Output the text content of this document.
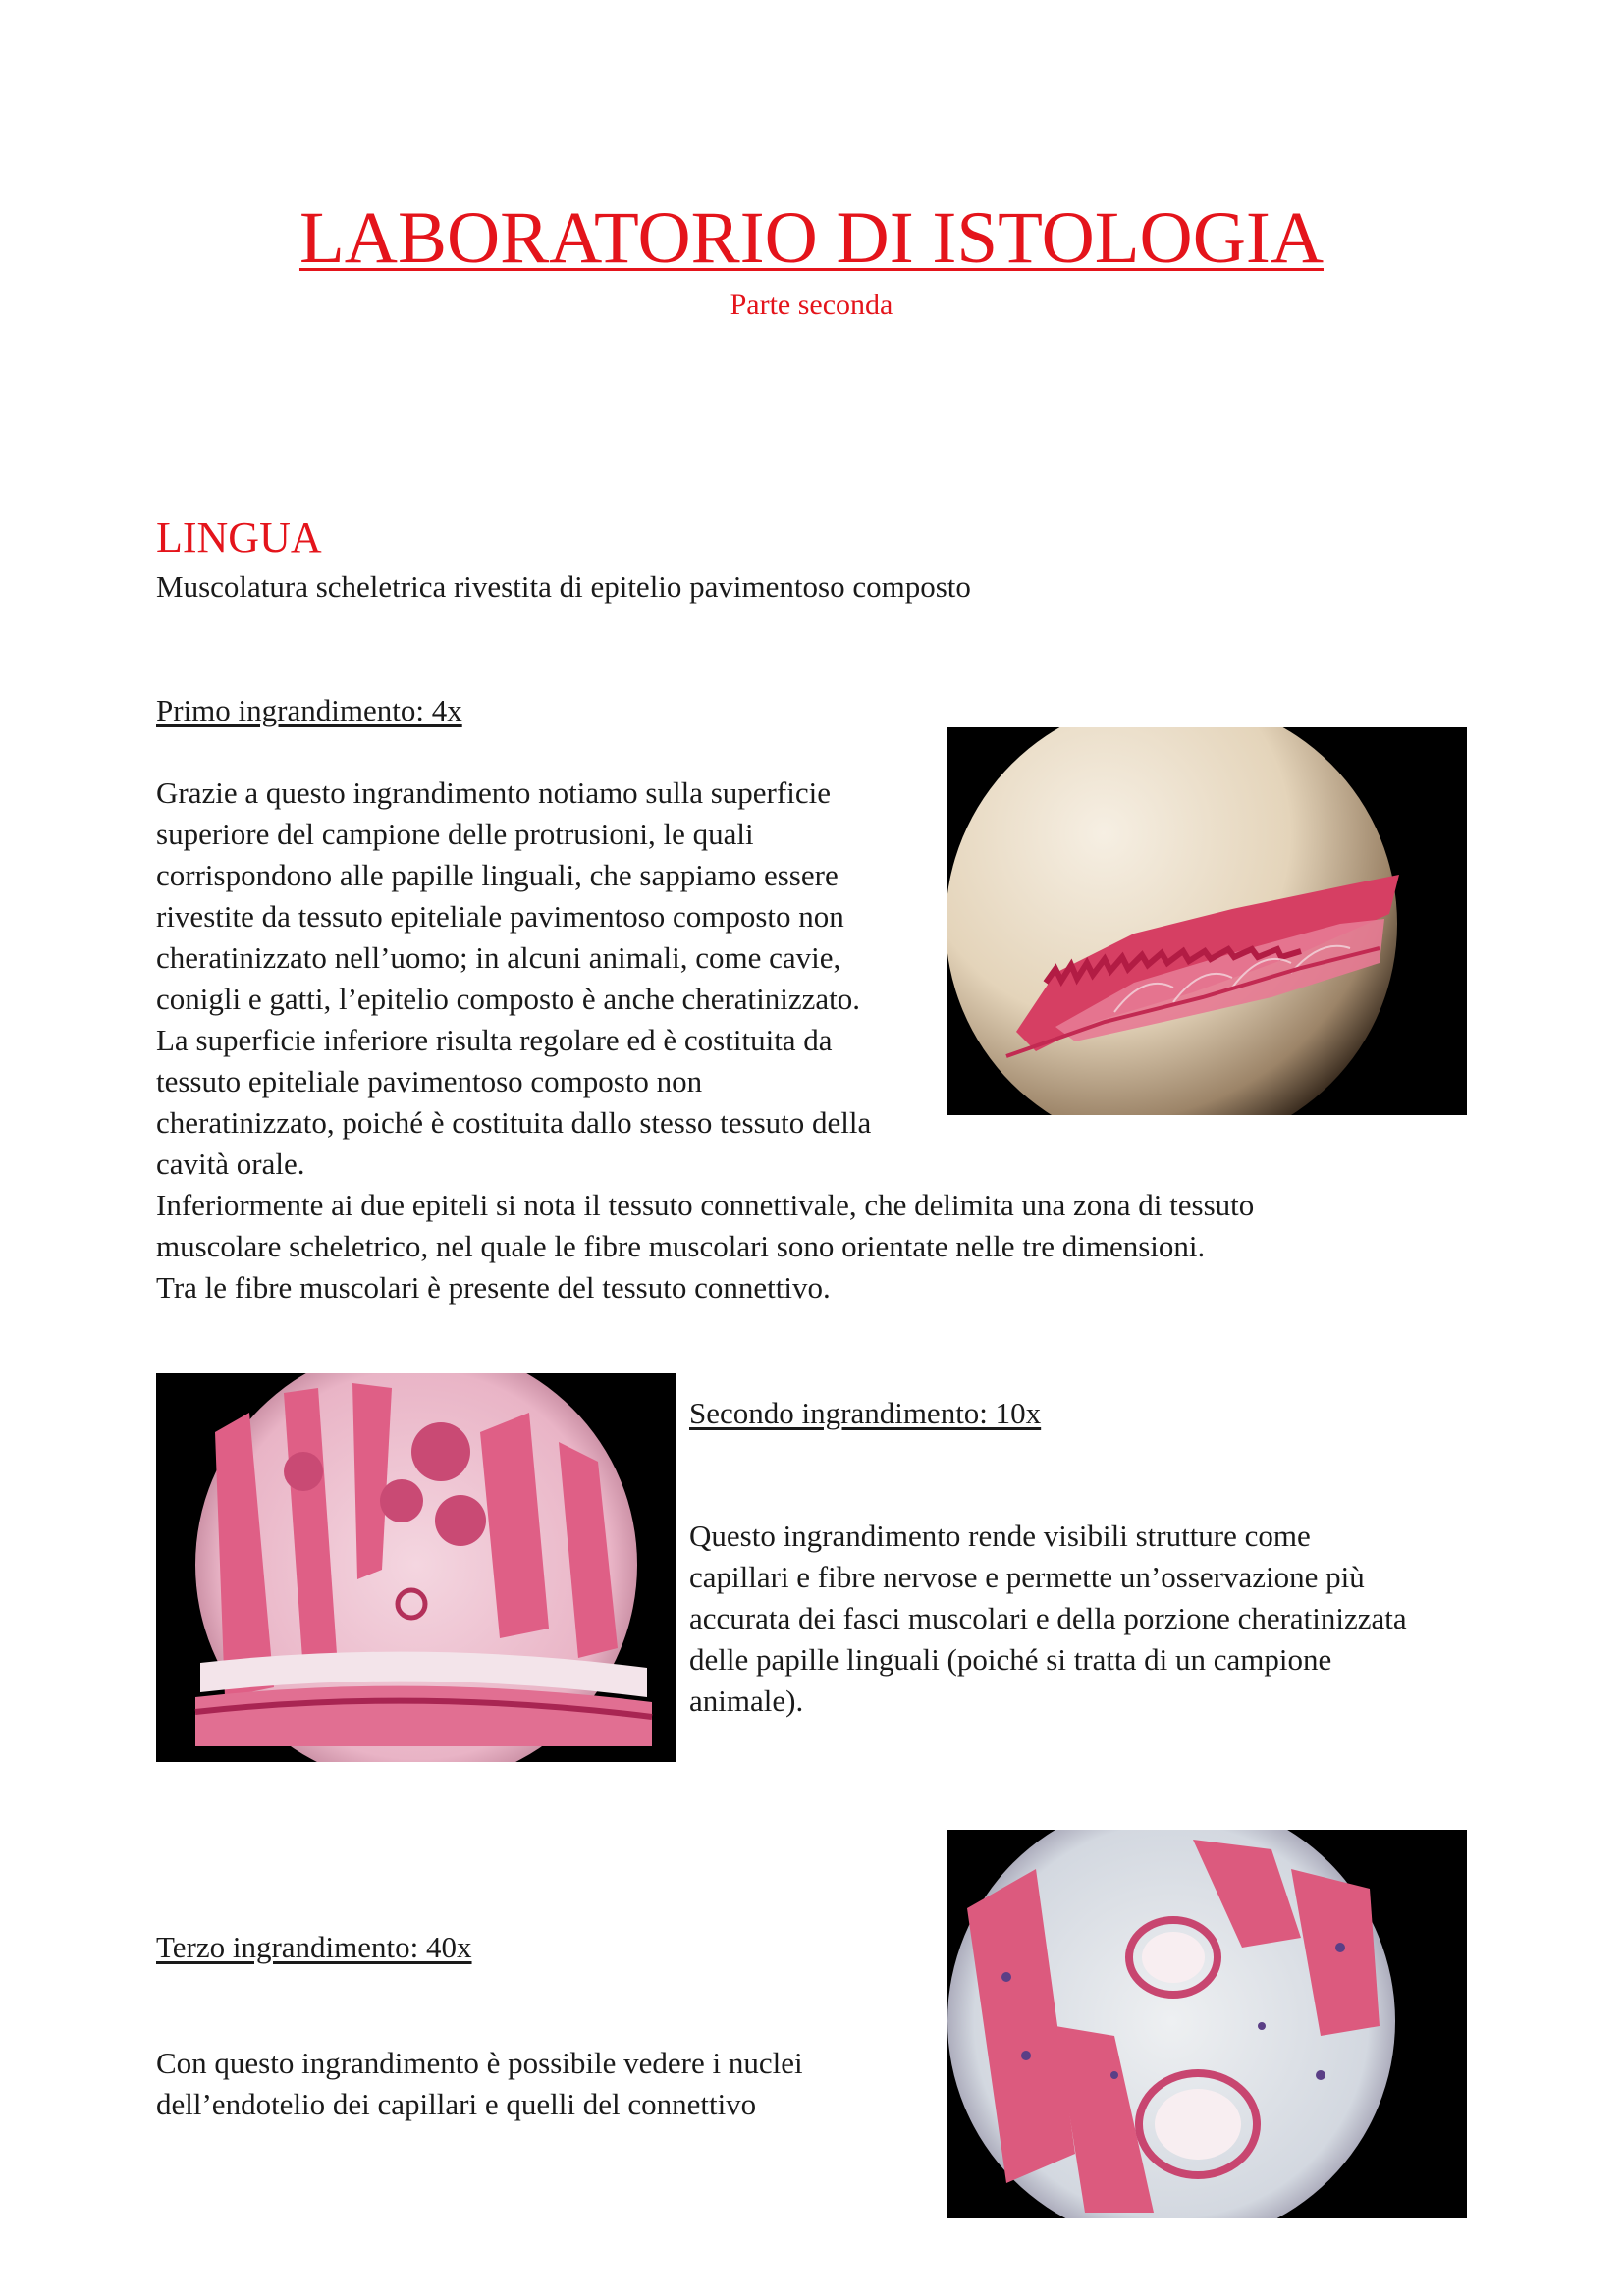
LABORATORIO DI ISTOLOGIA
Parte seconda
LINGUA
Muscolatura scheletrica rivestita di epitelio pavimentoso composto
Primo ingrandimento: 4x

Grazie a questo ingrandimento notiamo sulla superficie
superiore del campione delle protrusioni, le quali
corrispondono alle papille linguali, che sappiamo essere
rivestite da tessuto epiteliale pavimentoso composto non
cheratinizzato nell’uomo; in alcuni animali, come cavie,
conigli e gatti, l’epitelio composto è anche cheratinizzato.
La superficie inferiore risulta regolare ed è costituita da
tessuto epiteliale pavimentoso composto non
cheratinizzato, poiché è costituita dallo stesso tessuto della
cavità orale.

Inferiormente ai due epiteli si nota il tessuto connettivale, che delimita una zona di tessuto
muscolare scheletrico, nel quale le fibre muscolari sono orientate nelle tre dimensioni.
Tra le fibre muscolari è presente del tessuto connettivo.

Secondo ingrandimento: 10x

Questo ingrandimento rende visibili strutture come
capillari e fibre nervose e permette un’osservazione più
accurata dei fasci muscolari e della porzione cheratinizzata
delle papille linguali (poiché si tratta di un campione
animale).

Terzo ingrandimento: 40x

Con questo ingrandimento è possibile vedere i nuclei
dell’endotelio dei capillari e quelli del connettivo
